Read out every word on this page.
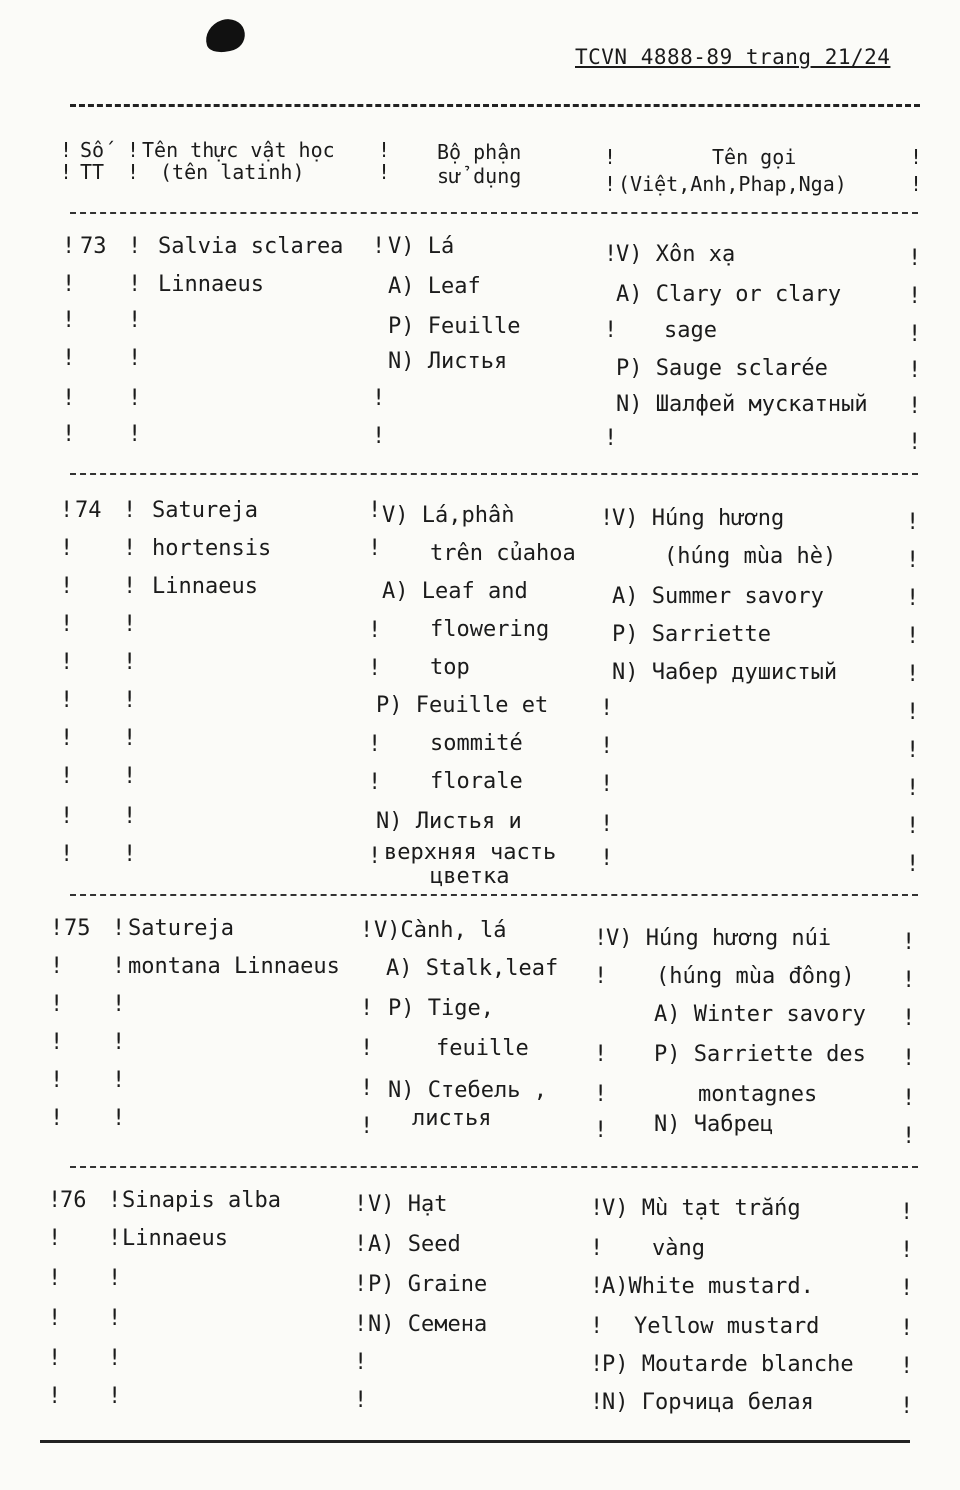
TCVN 4888-89 trang 21/24
!
!
Số
TT
!
!
Tên thực vật học
(tên latinh)
!
!
Bộ phận
sử dụng
!
!
Tên gọi
(Việt,Anh,Phap,Nga)
!
!
! 73 ! Salvia sclarea
Linnaeus
! V) Lá
A) Leaf
P) Feuille
N) Листья
!
V) Xôn xạ
A) Clary or clary
sage
P) Sauge sclarée
N) Шалфей мускатный
! !
! !
! !
! !
! !
!
!
!
!
!
!
!
!
!
!
! 74 ! Satureja
hortensis
Linnaeus
! V) Lá,phần
trên củahoa
A) Leaf and
flowering
top
P) Feuille et
sommité
florale
N) Листья и
верхняя часть
цветка
!
V) Húng hương
(húng mùa hè)
A) Summer savory
P) Sarriette
N) Чабер душистый
! !
! !
! !
! !
! !
! !
! !
! !
! !
!
!
!
!
!
!
!
!
!
!
!
!
!
!
!
!
!
!
!
!
!
! 75 ! Satureja
! montana Linnaeus
! V)Cành, lá
A) Stalk,leaf
P) Tige,
feuille
N) Стебель ,
листья
!
V) Húng hương núi
(húng mùa đông)
A) Winter savory
P) Sarriette des
montagnes
N) Чабрец
!
! !
! !
! !
! !
!
!
!
!
!
!
!
!
!
!
!
!
!
!
!
76 ! Sinapis alba
! Linnaeus
! V) Hạt
! A) Seed
! P) Graine
! N) Семена
!
V) Mù tạt trắng
vàng
!
A)White mustard.
Yellow mustard
!
P) Moutarde blanche
!
N) Горчица белая
!
! !
! !
! !
! !
!
!
!
!
!
!
!
!
!
!
